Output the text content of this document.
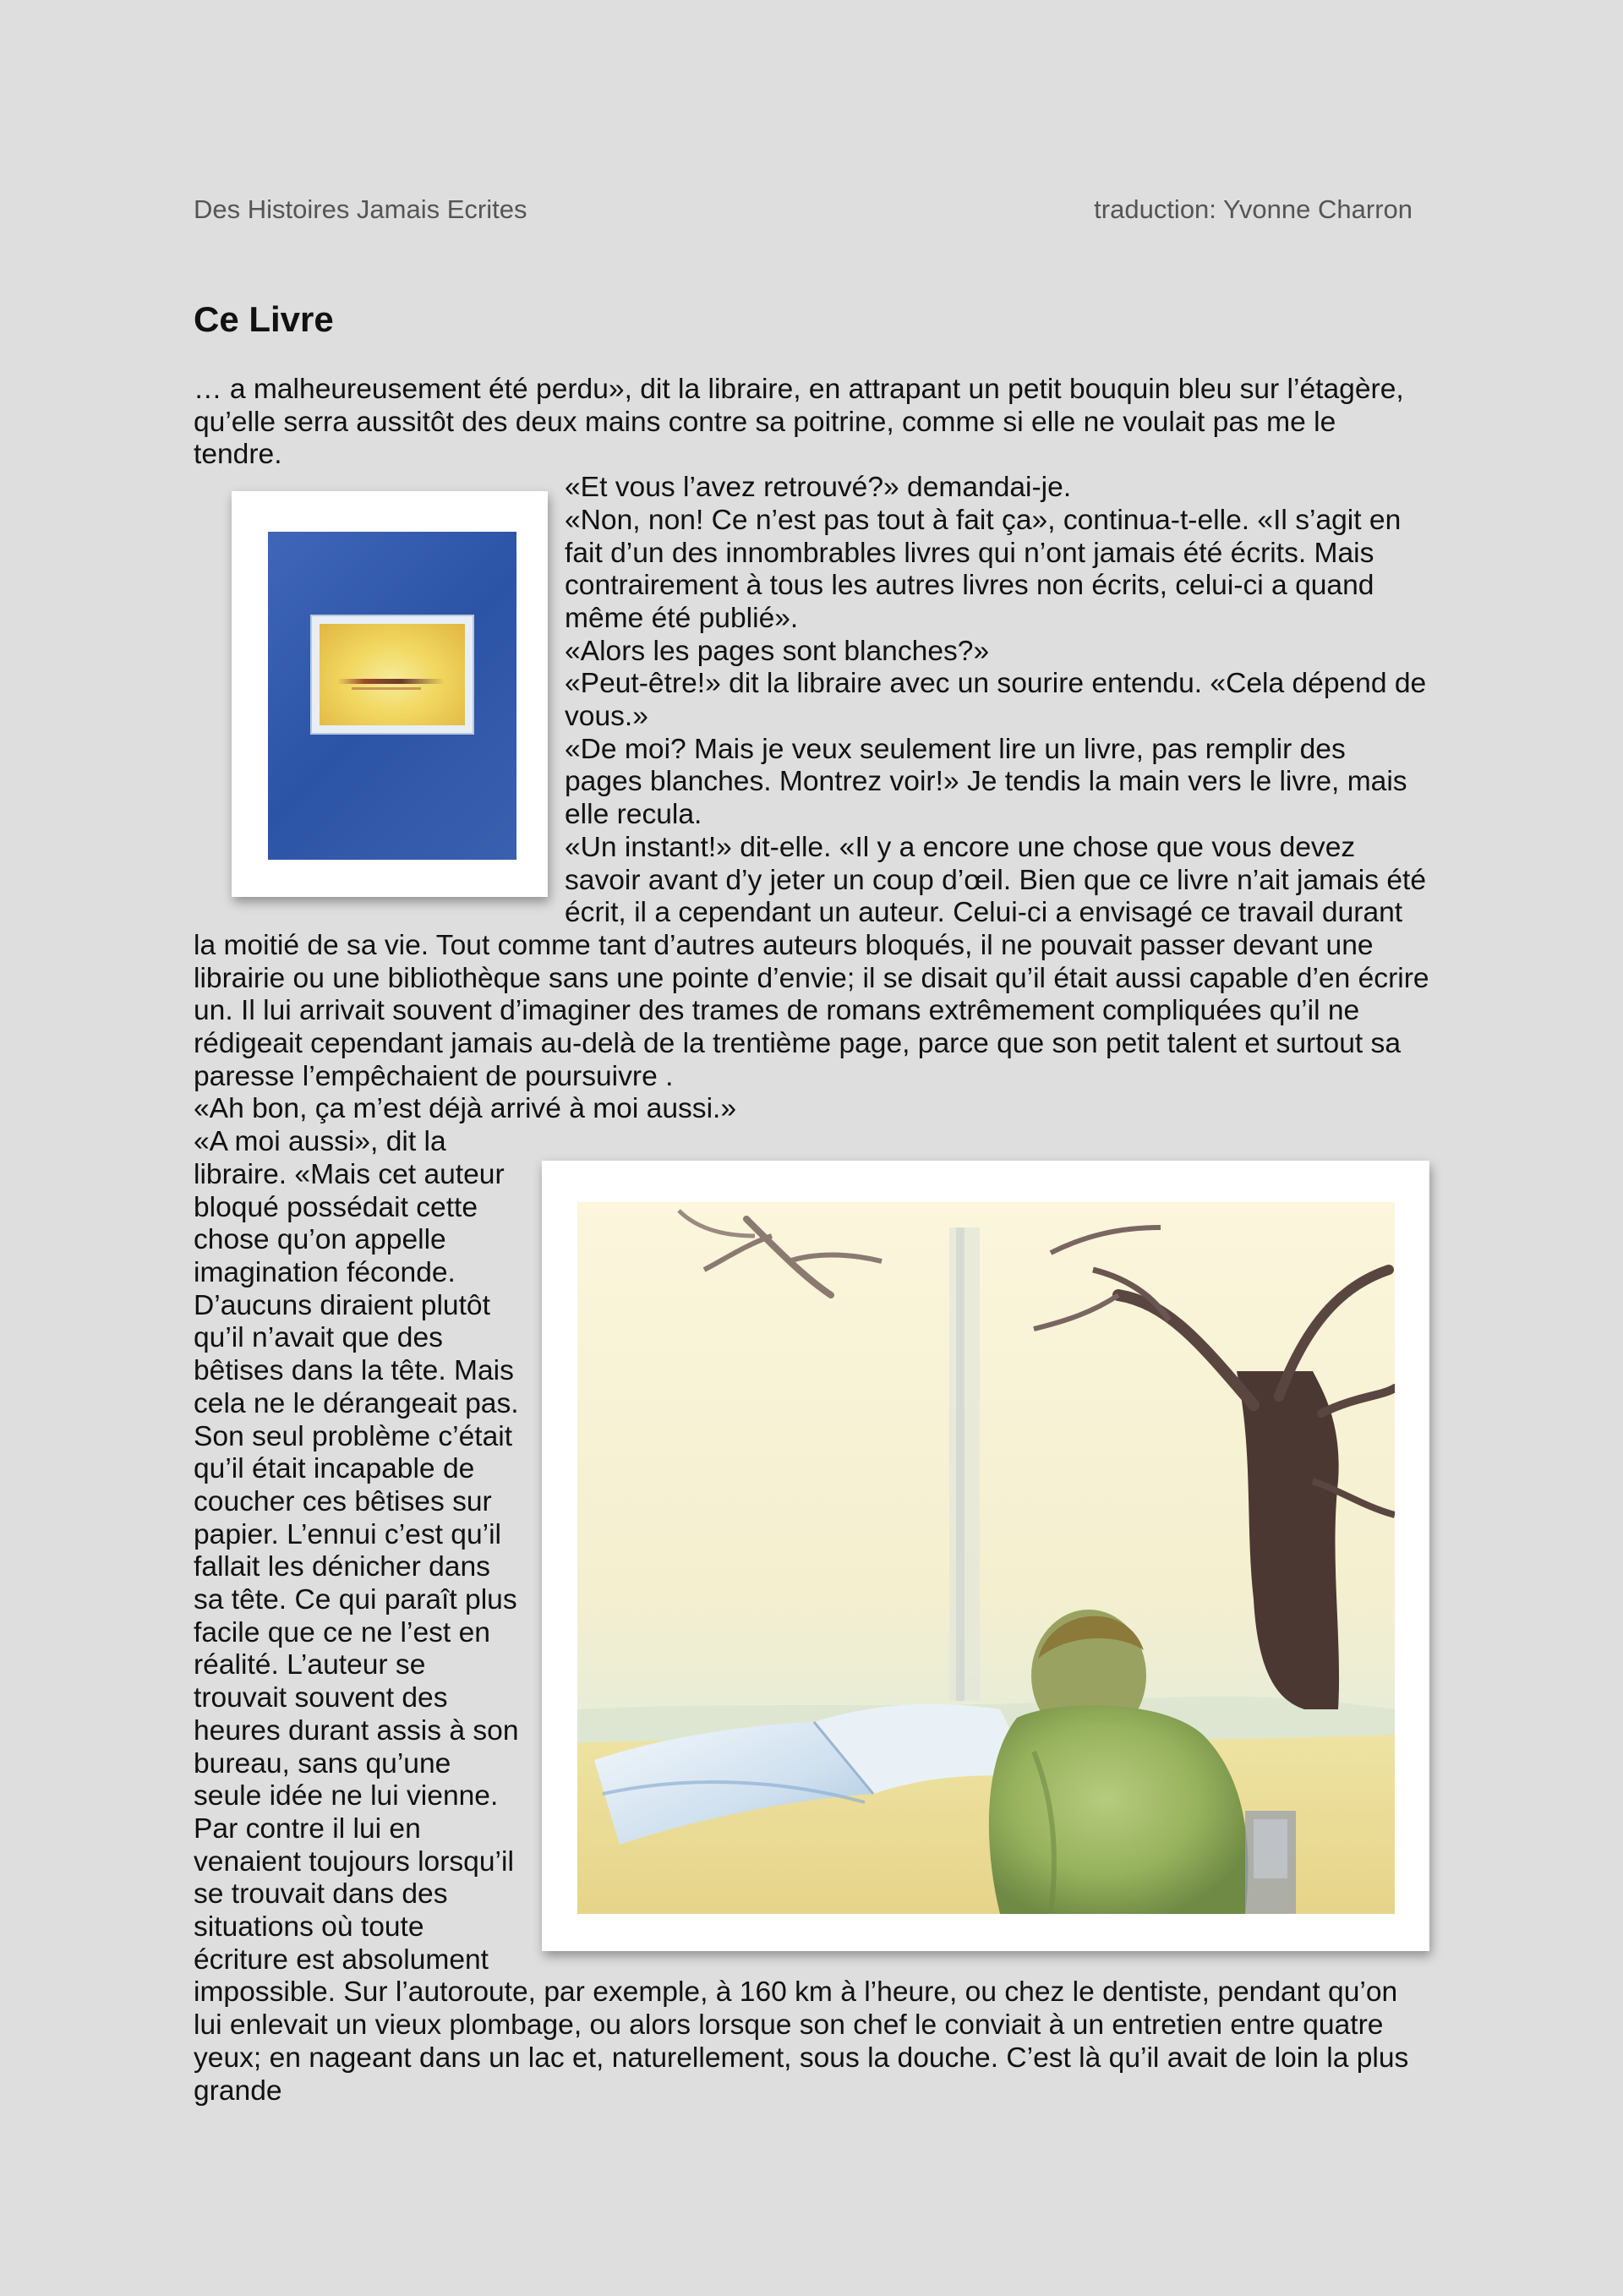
Des Histoires Jamais Ecrites	traduction: Yvonne Charron
Ce Livre

… a malheureusement été perdu», dit la libraire, en attrapant un petit bouquin bleu sur l’étagère, qu’elle serra aussitôt des deux mains contre sa poitrine, comme si elle ne voulait pas me le tendre.

«Et vous l’avez retrouvé?» demandai-je.

«Non, non! Ce n’est pas tout à fait ça», continua-t-elle. «Il s’agit en fait d’un des innombrables livres qui n’ont jamais été écrits. Mais contrairement à tous les autres livres non écrits, celui-ci a quand même été publié».

«Alors les pages sont blanches?»

«Peut-être!» dit la libraire avec un sourire entendu. «Cela dépend de vous.»

«De moi? Mais je veux seulement lire un livre, pas remplir des pages blanches. Montrez voir!» Je tendis la main vers le livre, mais elle recula.

«Un instant!» dit-elle. «Il y a encore une chose que vous devez savoir avant d’y jeter un coup d’œil. Bien que ce livre n’ait jamais été écrit, il a cependant un auteur. Celui-ci a envisagé ce travail durant la moitié de sa vie. Tout comme tant d’autres auteurs bloqués, il ne pouvait passer devant une librairie ou une bibliothèque sans une pointe d’envie; il se disait qu’il était aussi capable d’en écrire un. Il lui arrivait souvent d’imaginer des trames de romans extrêmement compliquées qu’il ne rédigeait cependant jamais au-delà de la trentième page, parce que son petit talent et surtout sa paresse l’empêchaient de poursuivre .

«Ah bon, ça m’est déjà arrivé à moi aussi.»

«A moi aussi», dit la libraire. «Mais cet auteur bloqué possédait cette chose qu’on appelle imagination féconde. D’aucuns diraient plutôt qu’il n’avait que des bêtises dans la tête. Mais cela ne le dérangeait pas. Son seul problème c’était qu’il était incapable de coucher ces bêtises sur papier. L’ennui c’est qu’il fallait les dénicher dans sa tête. Ce qui paraît plus facile que ce ne l’est en réalité. L’auteur se trouvait souvent des heures durant assis à son bureau, sans qu’une seule idée ne lui vienne. Par contre il lui en venaient toujours lorsqu’il se trouvait dans des situations où toute écriture est absolument impossible. Sur l’autoroute, par exemple, à 160 km à l’heure, ou chez le dentiste, pendant qu’on lui enlevait un vieux plombage, ou alors lorsque son chef le conviait à un entretien entre quatre yeux; en nageant dans un lac et, naturellement, sous la douche. C’est là qu’il avait de loin la plus grande
